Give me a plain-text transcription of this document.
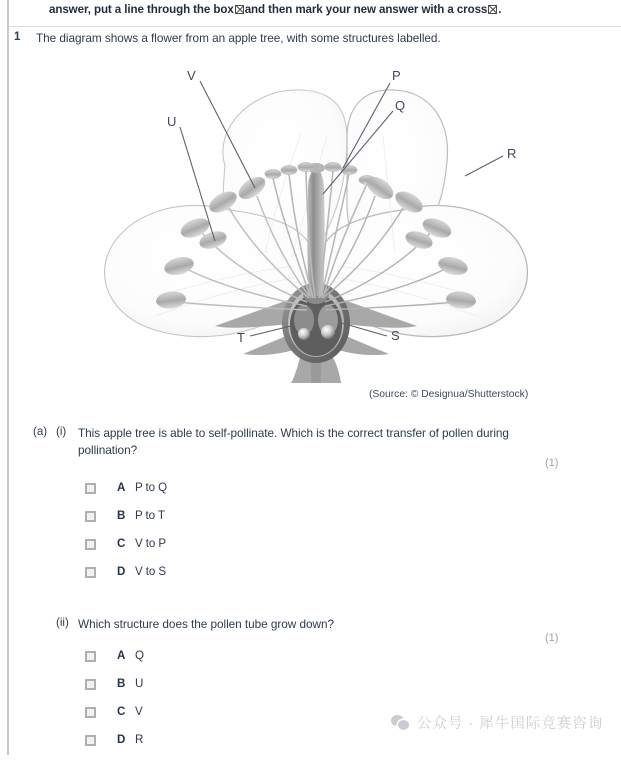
answer, put a line through the box☒and then mark your new answer with a cross☒.
1 The diagram shows a flower from an apple tree, with some structures labelled.
V	P
Q
U
R
T	S
(Source: © Designua/Shutterstock)
(a) (i) This apple tree is able to self-pollinate. Which is the correct transfer of pollen during pollination?
(1)
A P to Q
B P to T
C V to P
D V to S
(ii) Which structure does the pollen tube grow down?
(1)
A Q
B U
C V
D R
公众号 · 犀牛国际竞赛咨询
